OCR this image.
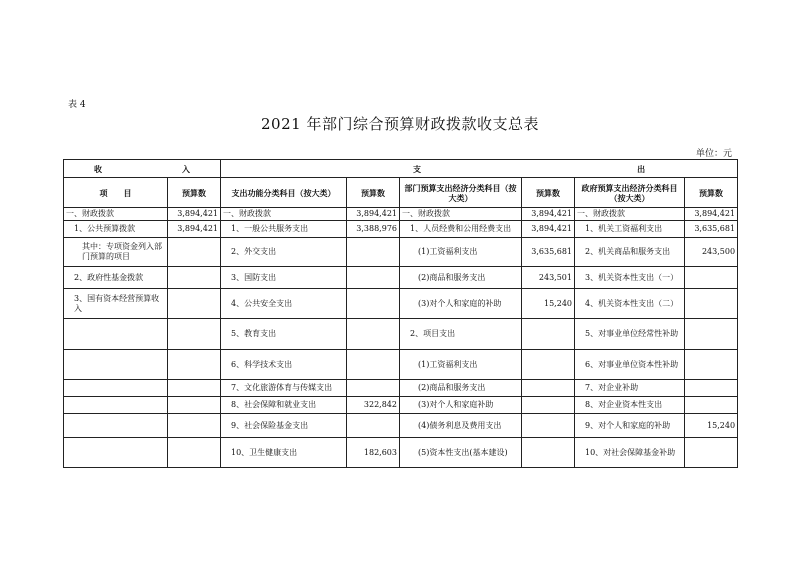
表 4
2021 年部门综合预算财政拨款收支总表
单位：元
收 入		支 出					

项　　目	预算数	支出功能分类科目（按大类）	预算数	部门预算支出经济分类科目（按大类）	预算数	政府预算支出经济分类科目（按大类）	预算数
一、财政拨款	3,894,421	一、财政拨款	3,894,421	一、财政拨款	3,894,421	一、财政拨款	3,894,421
1、公共预算拨款	3,894,421	1、一般公共服务支出	3,388,976	1、人员经费和公用经费支出	3,894,421	1、机关工资福利支出	3,635,681
其中：专项资金列入部门预算的项目		2、外交支出		(1)工资福利支出	3,635,681	2、机关商品和服务支出	243,500
2、政府性基金拨款		3、国防支出		(2)商品和服务支出	243,501	3、机关资本性支出（一）	
3、国有资本经营预算收入		4、公共安全支出		(3)对个人和家庭的补助	15,240	4、机关资本性支出（二）	
		5、教育支出		2、项目支出		5、对事业单位经常性补助	
		6、科学技术支出		(1)工资福利支出		6、对事业单位资本性补助	
		7、文化旅游体育与传媒支出		(2)商品和服务支出		7、对企业补助	
		8、社会保障和就业支出	322,842	(3)对个人和家庭补助		8、对企业资本性支出	
		9、社会保险基金支出		(4)债务利息及费用支出		9、对个人和家庭的补助	15,240
		10、卫生健康支出	182,603	(5)资本性支出(基本建设)		10、对社会保障基金补助	
